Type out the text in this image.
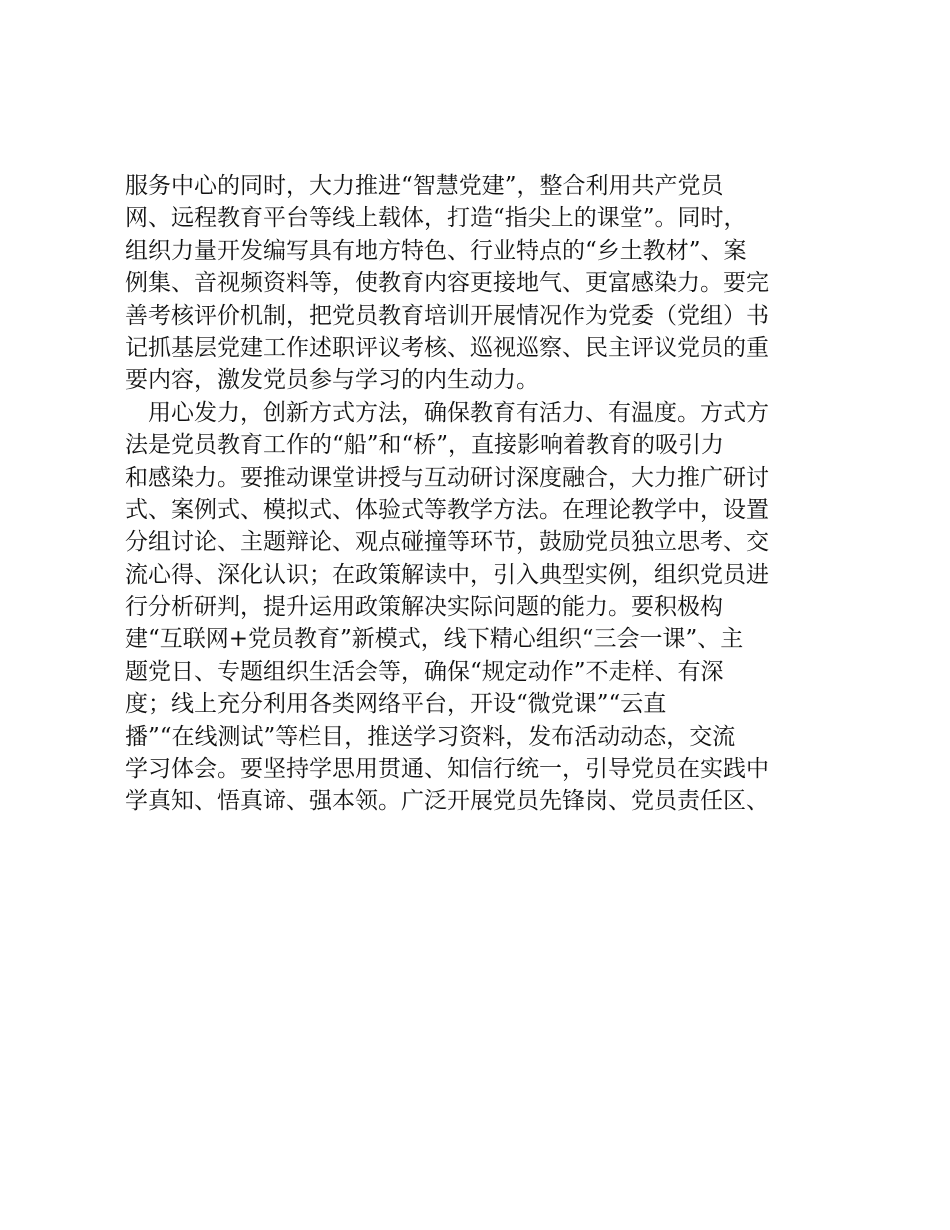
服务中心的同时，大力推进“智慧党建”，整合利用共产党员
网、远程教育平台等线上载体，打造“指尖上的课堂”。同时，
组织力量开发编写具有地方特色、行业特点的“乡土教材”、案
例集、音视频资料等，使教育内容更接地气、更富感染力。要完
善考核评价机制，把党员教育培训开展情况作为党委（党组）书
记抓基层党建工作述职评议考核、巡视巡察、民主评议党员的重
要内容，激发党员参与学习的内生动力。
　用心发力，创新方式方法，确保教育有活力、有温度。方式方
法是党员教育工作的“船”和“桥”，直接影响着教育的吸引力
和感染力。要推动课堂讲授与互动研讨深度融合，大力推广研讨
式、案例式、模拟式、体验式等教学方法。在理论教学中，设置
分组讨论、主题辩论、观点碰撞等环节，鼓励党员独立思考、交
流心得、深化认识；在政策解读中，引入典型实例，组织党员进
行分析研判，提升运用政策解决实际问题的能力。要积极构
建“互联网+党员教育”新模式，线下精心组织“三会一课”、主
题党日、专题组织生活会等，确保“规定动作”不走样、有深
度；线上充分利用各类网络平台，开设“微党课”“云直
播”“在线测试”等栏目，推送学习资料，发布活动动态，交流
学习体会。要坚持学思用贯通、知信行统一，引导党员在实践中
学真知、悟真谛、强本领。广泛开展党员先锋岗、党员责任区、
